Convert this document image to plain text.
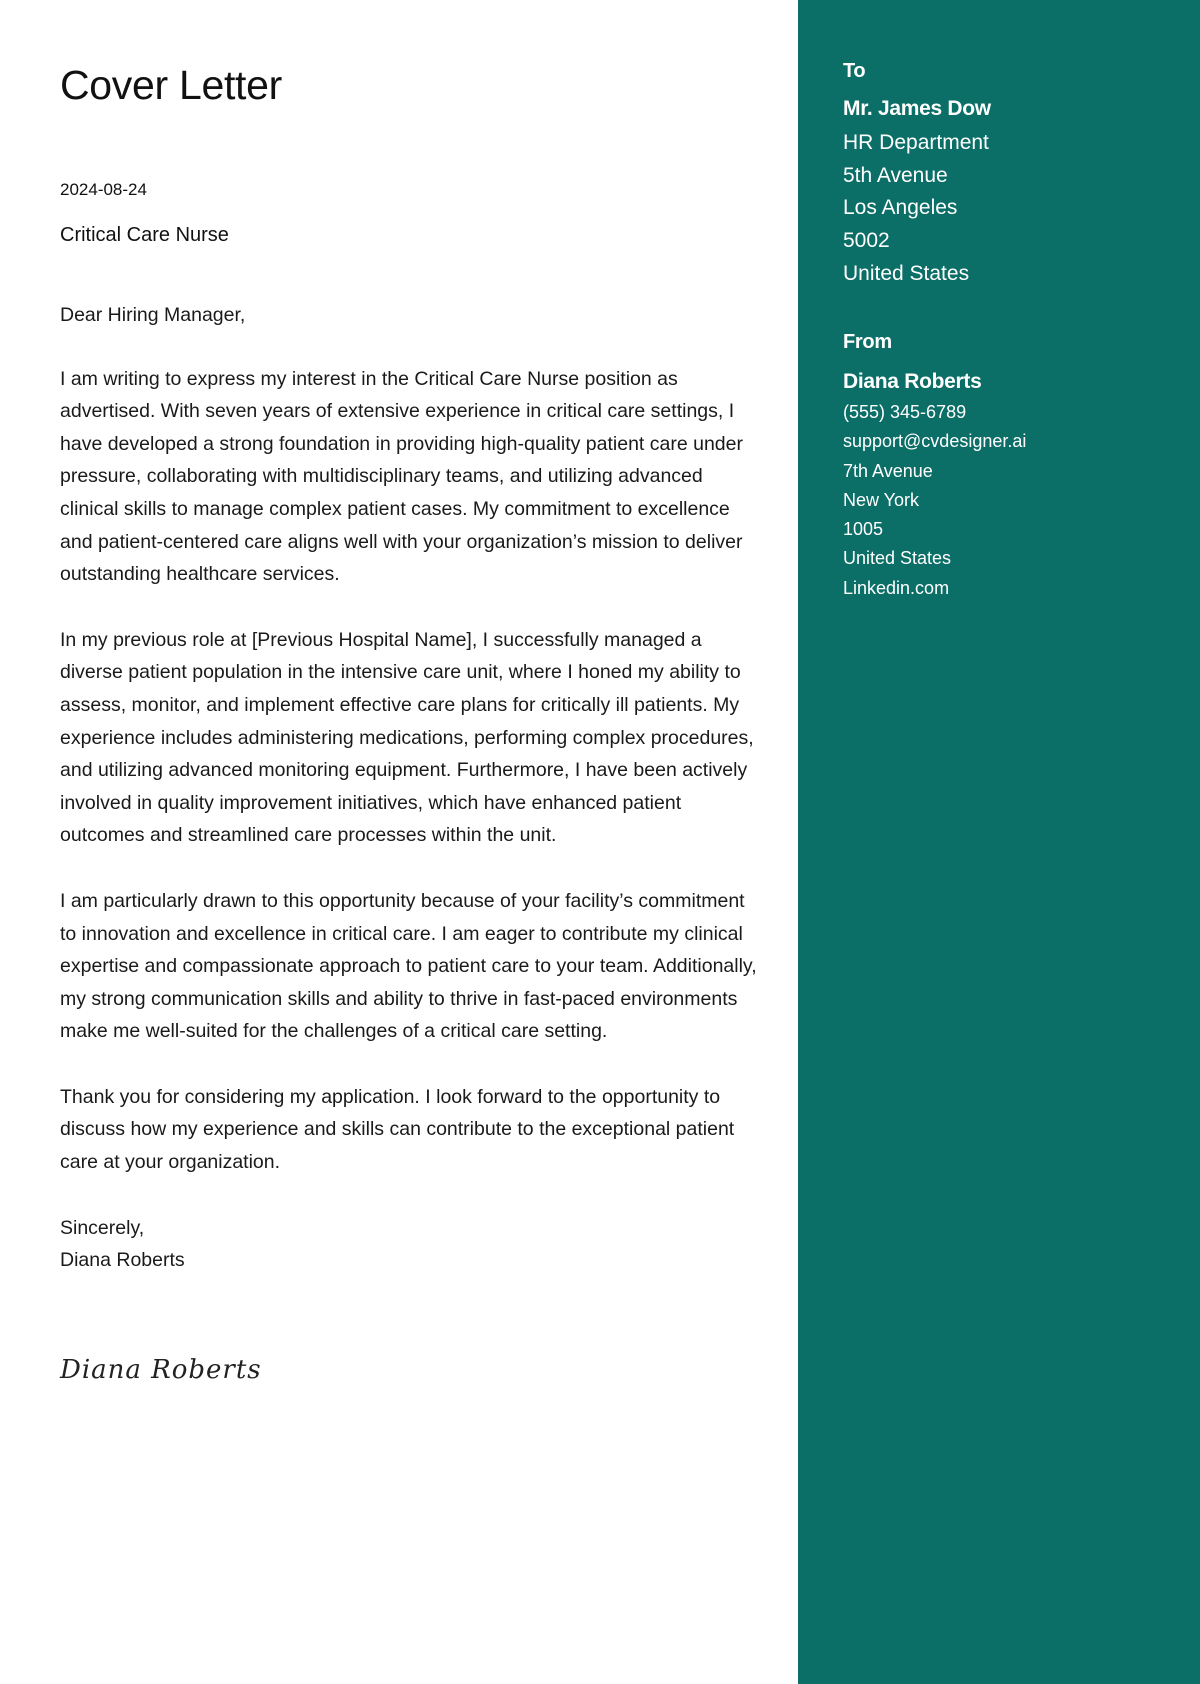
Cover Letter
2024-08-24
Critical Care Nurse

Dear Hiring Manager,

I am writing to express my interest in the Critical Care Nurse position as advertised. With seven years of extensive experience in critical care settings, I have developed a strong foundation in providing high-quality patient care under pressure, collaborating with multidisciplinary teams, and utilizing advanced clinical skills to manage complex patient cases. My commitment to excellence and patient-centered care aligns well with your organization’s mission to deliver outstanding healthcare services.

In my previous role at [Previous Hospital Name], I successfully managed a diverse patient population in the intensive care unit, where I honed my ability to assess, monitor, and implement effective care plans for critically ill patients. My experience includes administering medications, performing complex procedures, and utilizing advanced monitoring equipment. Furthermore, I have been actively involved in quality improvement initiatives, which have enhanced patient outcomes and streamlined care processes within the unit.

I am particularly drawn to this opportunity because of your facility’s commitment to innovation and excellence in critical care. I am eager to contribute my clinical expertise and compassionate approach to patient care to your team. Additionally, my strong communication skills and ability to thrive in fast-paced environments make me well-suited for the challenges of a critical care setting.

Thank you for considering my application. I look forward to the opportunity to discuss how my experience and skills can contribute to the exceptional patient care at your organization.

Sincerely,
Diana Roberts

Diana Roberts
To
Mr. James Dow
HR Department
5th Avenue
Los Angeles
5002
United States
From
Diana Roberts
(555) 345-6789
support@cvdesigner.ai
7th Avenue
New York
1005
United States
Linkedin.com
